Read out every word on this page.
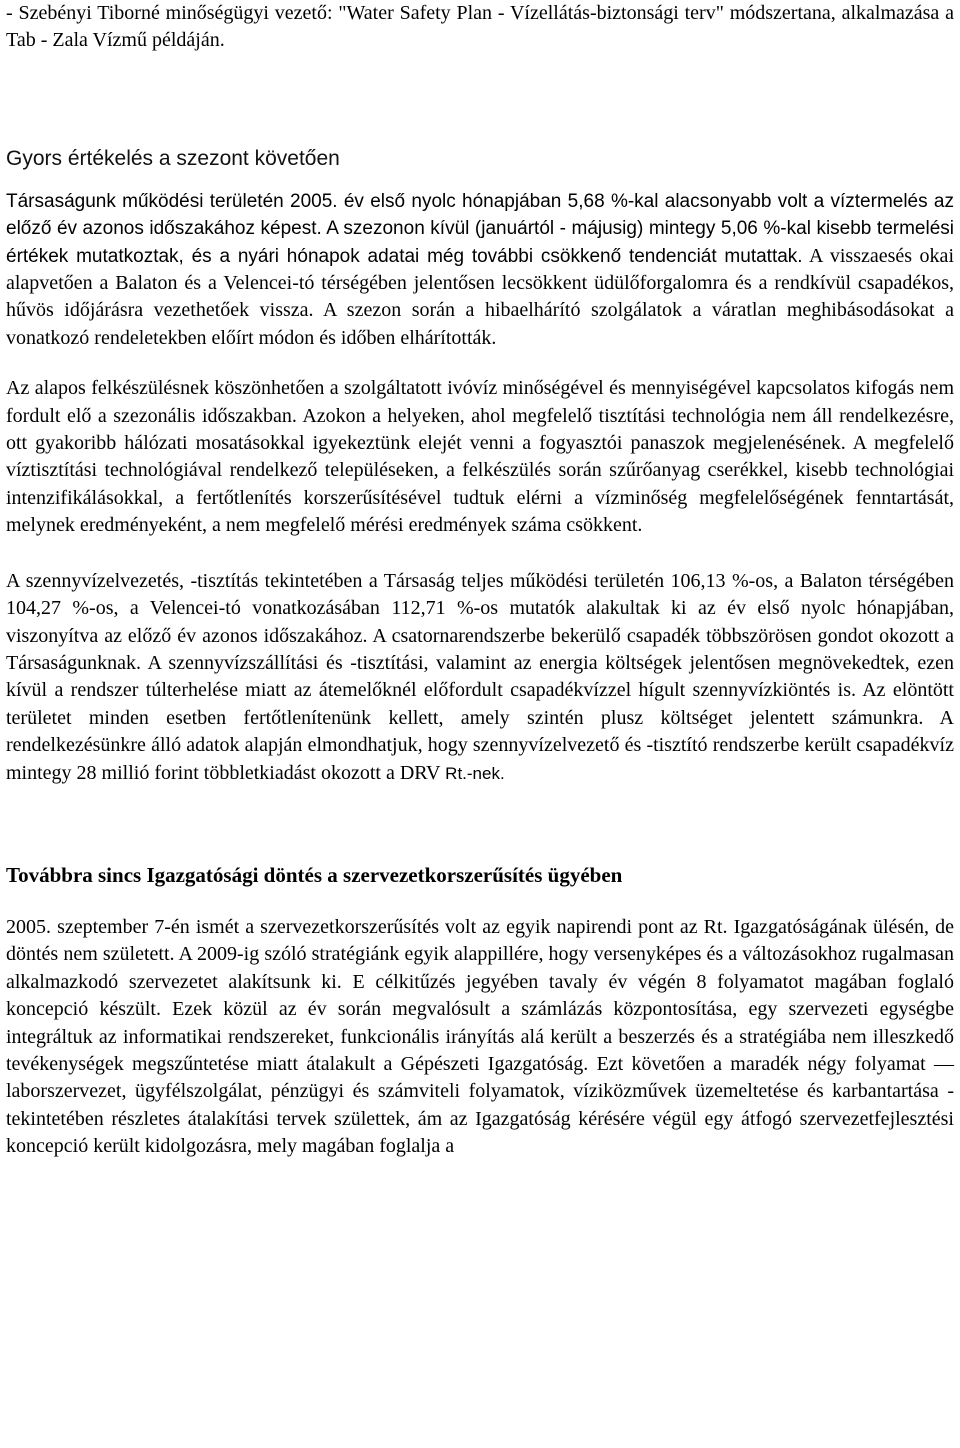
- Szebényi Tiborné minőségügyi vezető: "Water Safety Plan - Vízellátás-biztonsági terv" módszertana, alkalmazása a Tab - Zala Vízmű példáján.

Gyors értékelés a szezont követően

Társaságunk működési területén 2005. év első nyolc hónapjában 5,68 %-kal alacsonyabb volt a víztermelés az előző év azonos időszakához képest. A szezonon kívül (januártól - májusig) mintegy 5,06 %-kal kisebb termelési értékek mutatkoztak, és a nyári hónapok adatai még további csökkenő tendenciát mutattak. A visszaesés okai alapvetően a Balaton és a Velencei-tó térségében jelentősen lecsökkent üdülőforgalomra és a rendkívül csapadékos, hűvös időjárásra vezethetőek vissza. A szezon során a hibaelhárító szolgálatok a váratlan meghibásodásokat a vonatkozó rendeletekben előírt módon és időben elhárították.

Az alapos felkészülésnek köszönhetően a szolgáltatott ivóvíz minőségével és mennyiségével kapcsolatos kifogás nem fordult elő a szezonális időszakban. Azokon a helyeken, ahol megfelelő tisztítási technológia nem áll rendelkezésre, ott gyakoribb hálózati mosatásokkal igyekeztünk elejét venni a fogyasztói panaszok megjelenésének. A megfelelő víztisztítási technológiával rendelkező településeken, a felkészülés során szűrőanyag cserékkel, kisebb technológiai intenzifikálásokkal, a fertőtlenítés korszerűsítésével tudtuk elérni a vízminőség megfelelőségének fenntartását, melynek eredményeként, a nem megfelelő mérési eredmények száma csökkent.

A szennyvízelvezetés, -tisztítás tekintetében a Társaság teljes működési területén 106,13 %-os, a Balaton térségében 104,27 %-os, a Velencei-tó vonatkozásában 112,71 %-os mutatók alakultak ki az év első nyolc hónapjában, viszonyítva az előző év azonos időszakához. A csatornarendszerbe bekerülő csapadék többszörösen gondot okozott a Társaságunknak. A szennyvízszállítási és -tisztítási, valamint az energia költségek jelentősen megnövekedtek, ezen kívül a rendszer túlterhelése miatt az átemelőknél előfordult csapadékvízzel hígult szennyvízkiöntés is. Az elöntött területet minden esetben fertőtlenítenünk kellett, amely szintén plusz költséget jelentett számunkra. A rendelkezésünkre álló adatok alapján elmondhatjuk, hogy szennyvízelvezető és -tisztító rendszerbe került csapadékvíz mintegy 28 millió forint többletkiadást okozott a DRV Rt.-nek.

Továbbra sincs Igazgatósági döntés a szervezetkorszerűsítés ügyében

2005. szeptember 7-én ismét a szervezetkorszerűsítés volt az egyik napirendi pont az Rt. Igazgatóságának ülésén, de döntés nem született. A 2009-ig szóló stratégiánk egyik alappillére, hogy versenyképes és a változásokhoz rugalmasan alkalmazkodó szervezetet alakítsunk ki. E célkitűzés jegyében tavaly év végén 8 folyamatot magában foglaló koncepció készült. Ezek közül az év során megvalósult a számlázás központosítása, egy szervezeti egységbe integráltuk az informatikai rendszereket, funkcionális irányítás alá került a beszerzés és a stratégiába nem illeszkedő tevékenységek megszűntetése miatt átalakult a Gépészeti Igazgatóság. Ezt követően a maradék négy folyamat — laborszervezet, ügyfélszolgálat, pénzügyi és számviteli folyamatok, víziközművek üzemeltetése és karbantartása - tekintetében részletes átalakítási tervek születtek, ám az Igazgatóság kérésére végül egy átfogó szervezetfejlesztési koncepció került kidolgozásra, mely magában foglalja a
